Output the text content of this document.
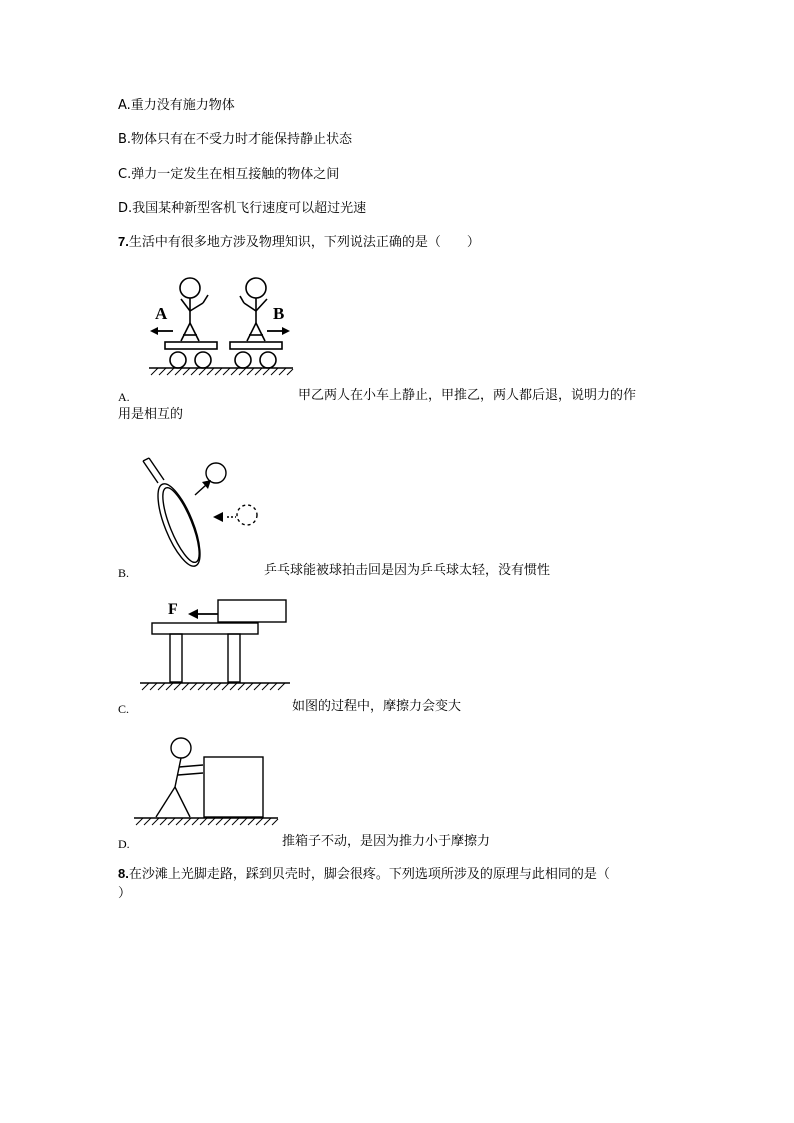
A.重力没有施力物体
B.物体只有在不受力时才能保持静止状态
C.弹力一定发生在相互接触的物体之间
D.我国某种新型客机飞行速度可以超过光速
7.生活中有很多地方涉及物理知识，下列说法正确的是（　　）
A	B
A.	甲乙两人在小车上静止，甲推乙，两人都后退，说明力的作
用是相互的
B.	乒乓球能被球拍击回是因为乒乓球太轻，没有惯性
F
C.	如图的过程中，摩擦力会变大
D.	推箱子不动，是因为推力小于摩擦力
8.在沙滩上光脚走路，踩到贝壳时，脚会很疼。下列选项所涉及的原理与此相同的是（
）
